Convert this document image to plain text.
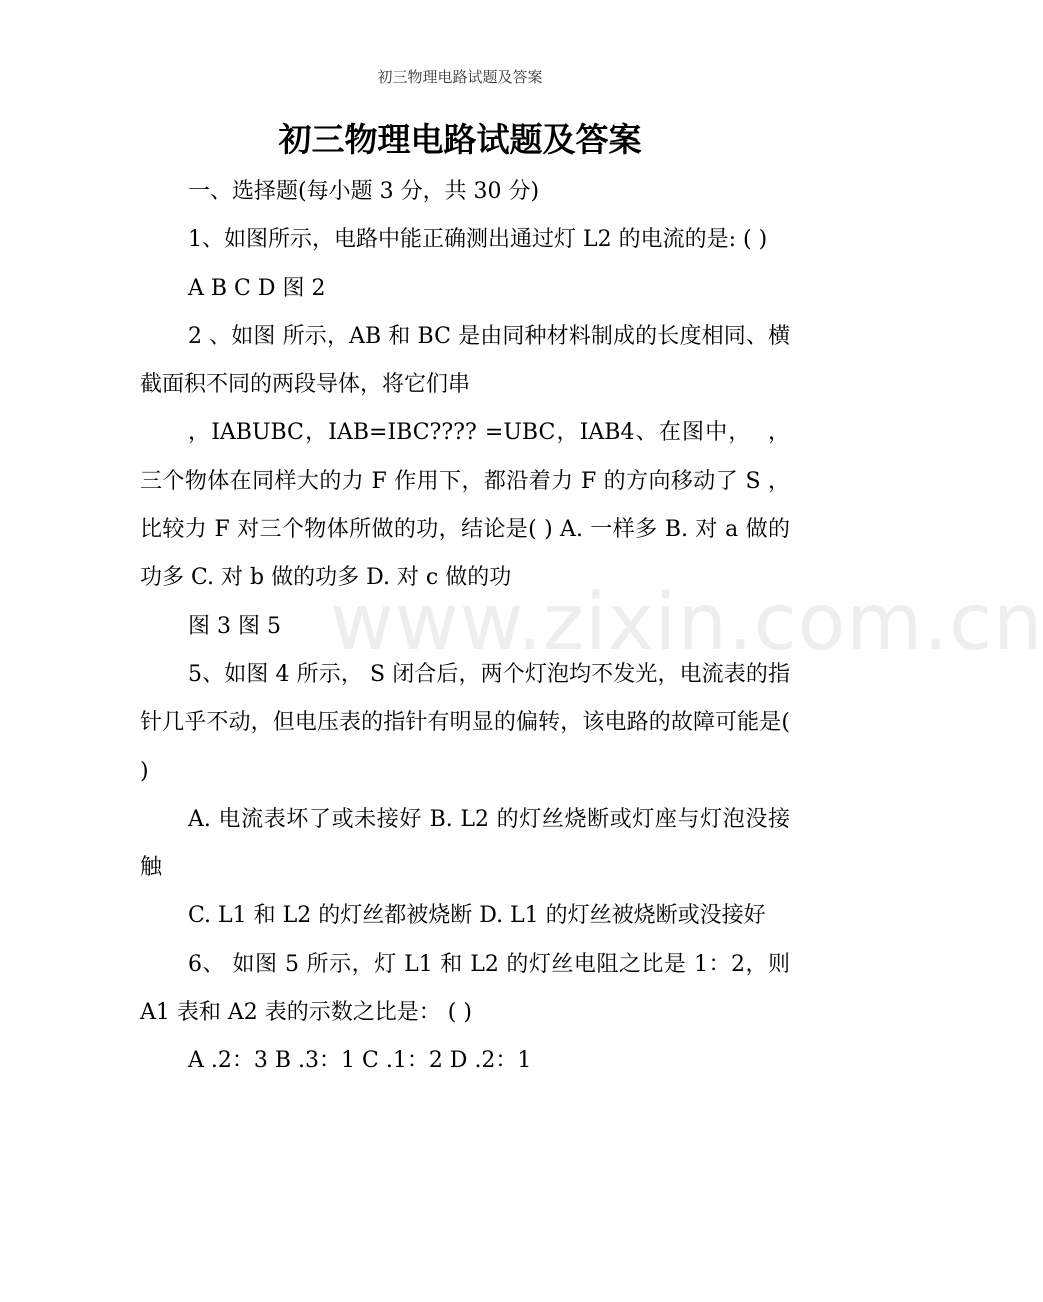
初三物理电路试题及答案
初三物理电路试题及答案

一、选择题(每小题 3 分，共 30 分)

1、如图所示，电路中能正确测出通过灯 L2 的电流的是: ( )

A B C D 图 2

2 、如图 所示，AB 和 BC 是由同种材料制成的长度相同、横截面积不同的两段导体，将它们串

，IABUBC，IAB=IBC???? =UBC，IAB4、在图中，  ，三个物体在同样大的力 F 作用下，都沿着力 F 的方向移动了 S ，比较力 F 对三个物体所做的功，结论是( ) A. 一样多 B. 对 a 做的功多 C. 对 b 做的功多 D. 对 c 做的功

图 3 图 5

5、如图 4 所示， S 闭合后，两个灯泡均不发光，电流表的指针几乎不动，但电压表的指针有明显的偏转，该电路的故障可能是( )

A. 电流表坏了或未接好 B. L2 的灯丝烧断或灯座与灯泡没接触

C. L1 和 L2 的灯丝都被烧断 D. L1 的灯丝被烧断或没接好

6、 如图 5 所示，灯 L1 和 L2 的灯丝电阻之比是 1：2，则 A1 表和 A2 表的示数之比是： ( )

A .2：3 B .3：1 C .1：2 D .2：1

www.zixin.com.cn
